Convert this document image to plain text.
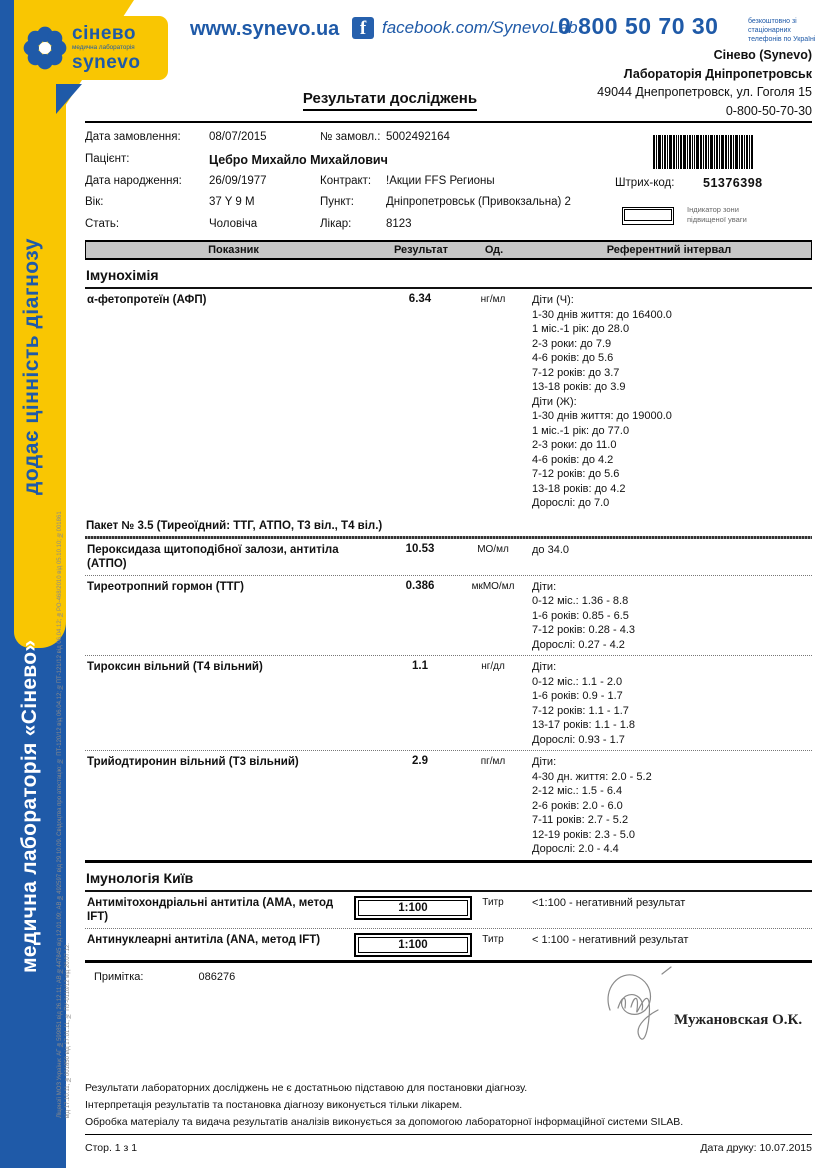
додає цінність діагнозу
медична лабораторія «Сінево»	Ліцензії МОЗ України: АГ №599851 від 26.12.11; АВ №447845 від 12.01.09; АВ №492597 від 29.10.09. Свідоцтва про атестацію: № ПТ-120/12 від 06.04.12; №ПТ-121/12 від 06.04.12; №РО-468/2010 від 05.10.10; №001861 від 17.10.11; №001850 від 17.01.11; № ПУ-0110/12 від 20.07.12.
сінево
медична лабораторія
synevo
www.synevo.ua f facebook.com/SynevoLab
0 800 50 70 30	безкоштовно зі стаціонарних
телефонів по Україні
Сінево (Synevo)
Лабораторія Дніпропетровськ
49044 Днепропетровск, ул. Гоголя 15
0-800-50-70-30
Результати досліджень
Дата замовлення: 08/07/2015	№ замовл.: 5002492164
Пацієнт:	Цебро Михайло Михайлович
Дата народження: 26/09/1977	Контракт: !Акции FFS Регионы
Вік:	37 Y 9 M	Пункт:	Дніпропетровськ (Привокзальна) 2
Стать:	Чоловіча	Лікар:	8123
Штрих-код: 51376398
Індикатор зони
підвищеної уваги
Показник	Результат	Од.	Референтний інтервал
Імунохімія
α-фетопротеїн (АФП)	6.34	нг/мл	Діти (Ч):
1-30 днів життя: до 16400.0
1 міс.-1 рік: до 28.0
2-3 роки: до 7.9
4-6 років: до 5.6
7-12 років: до 3.7
13-18 років: до 3.9
Діти (Ж):
1-30 днів життя: до 19000.0
1 міс.-1 рік: до 77.0
2-3 роки: до 11.0
4-6 років: до 4.2
7-12 років: до 5.6
13-18 років: до 4.2
Дорослі: до 7.0
Пакет № 3.5 (Тиреоїдний: ТТГ, АТПО, Т3 віл., Т4 віл.)
Пероксидаза щитоподібної залози, антитіла (АТПО)
10.53	МО/мл	до 34.0
Тиреотропний гормон (ТТГ)	0.386	мкМО/мл	Діти:
0-12 міс.: 1.36 - 8.8
1-6 років: 0.85 - 6.5
7-12 років: 0.28 - 4.3
Дорослі: 0.27 - 4.2
Тироксин вільний (Т4 вільний)	1.1	нг/дл	Діти:
0-12 міс.: 1.1 - 2.0
1-6 років: 0.9 - 1.7
7-12 років: 1.1 - 1.7
13-17 років: 1.1 - 1.8
Дорослі: 0.93 - 1.7
Трийодтиронин вільний (Т3 вільний)	2.9	пг/мл	Діти:
4-30 дн. життя: 2.0 - 5.2
2-12 міс.: 1.5 - 6.4
2-6 років: 2.0 - 6.0
7-11 років: 2.7 - 5.2
12-19 років: 2.3 - 5.0
Дорослі: 2.0 - 4.4
Імунологія Київ
Антимітохондріальні антитіла (АМА, метод IFT)
1:100	Титр	<1:100 - негативний результат
Антинуклеарні антитіла (ANA, метод IFT)	1:100	Титр	< 1:100 - негативний результат
Примітка:	086276
Мужановская О.К.
Результати лабораторних досліджень не є достатньою підставою для постановки діагнозу.
Інтерпретація результатів та постановка діагнозу виконується тільки лікарем.
Обробка матеріалу та видача результатів аналізів виконується за допомогою лабораторної інформаційної системи SILAB.
Стор. 1 з 1	Дата друку: 10.07.2015
